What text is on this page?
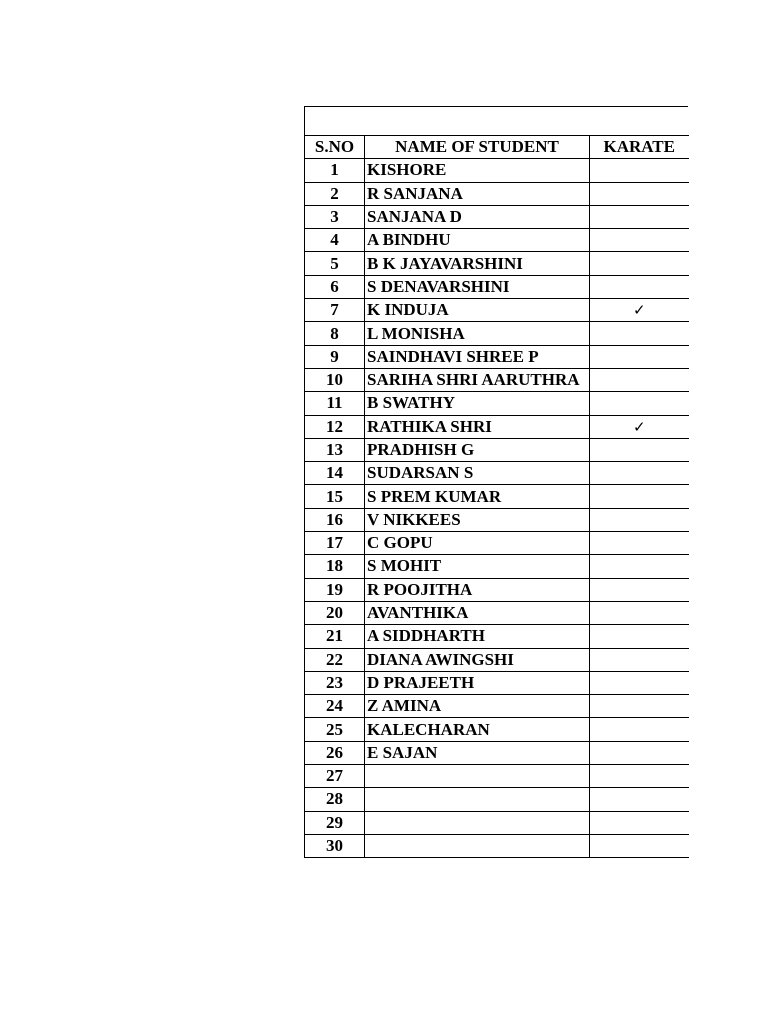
S.NO	NAME OF STUDENT	KARATE
1	KISHORE	
2	R SANJANA	
3	SANJANA D	
4	A BINDHU	
5	B K JAYAVARSHINI	
6	S DENAVARSHINI	
7	K INDUJA	✓
8	L MONISHA	
9	SAINDHAVI SHREE P	
10	SARIHA SHRI AARUTHRA	
11	B SWATHY	
12	RATHIKA SHRI	✓
13	PRADHISH G	
14	SUDARSAN S	
15	S PREM KUMAR	
16	V NIKKEES	
17	C GOPU	
18	S MOHIT	
19	R POOJITHA	
20	AVANTHIKA	
21	A SIDDHARTH	
22	DIANA AWINGSHI	
23	D PRAJEETH	
24	Z AMINA	
25	KALECHARAN	
26	E SAJAN	
27		
28		
29		
30		
